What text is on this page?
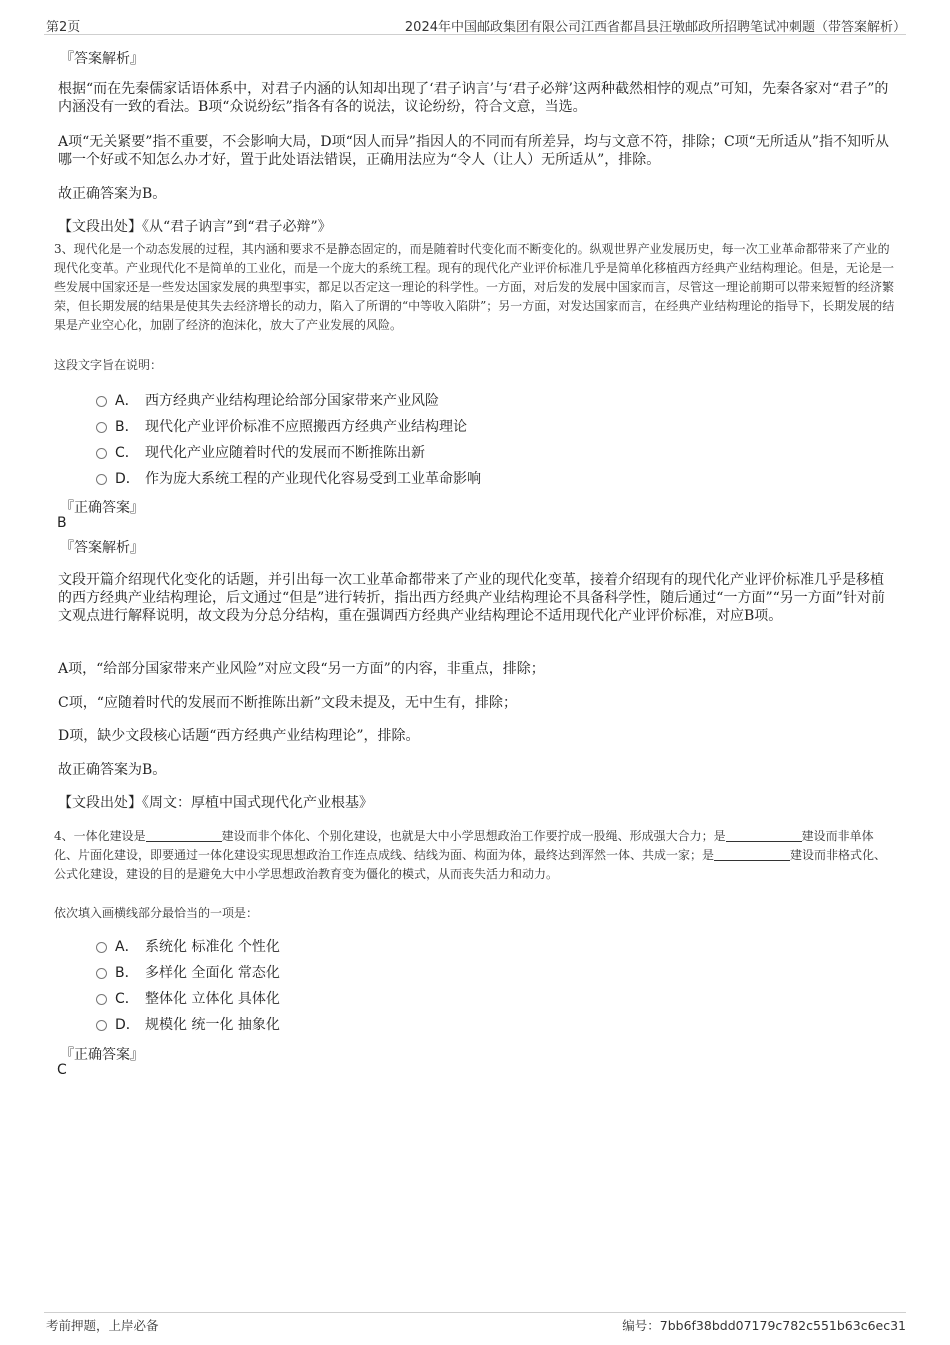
第2页	2024年中国邮政集团有限公司江西省都昌县汪墩邮政所招聘笔试冲刺题（带答案解析）
『答案解析』
根据“而在先秦儒家话语体系中，对君子内涵的认知却出现了‘君子讷言’与‘君子必辩’这两种截然相悖的观点”可知，先秦各家对“君子”的内涵没有一致的看法。B项“众说纷纭”指各有各的说法，议论纷纷，符合文意，当选。
A项“无关紧要”指不重要，不会影响大局，D项“因人而异”指因人的不同而有所差异，均与文意不符，排除；C项“无所适从”指不知听从哪一个好或不知怎么办才好，置于此处语法错误，正确用法应为“令人（让人）无所适从”，排除。
故正确答案为B。
【文段出处】《从“君子讷言”到“君子必辩”》
3、现代化是一个动态发展的过程，其内涵和要求不是静态固定的，而是随着时代变化而不断变化的。纵观世界产业发展历史，每一次工业革命都带来了产业的现代化变革。产业现代化不是简单的工业化，而是一个庞大的系统工程。现有的现代化产业评价标准几乎是简单化移植西方经典产业结构理论。但是，无论是一些发展中国家还是一些发达国家发展的典型事实，都足以否定这一理论的科学性。一方面，对后发的发展中国家而言，尽管这一理论前期可以带来短暂的经济繁荣，但长期发展的结果是使其失去经济增长的动力，陷入了所谓的“中等收入陷阱”；另一方面，对发达国家而言，在经典产业结构理论的指导下，长期发展的结果是产业空心化，加剧了经济的泡沫化，放大了产业发展的风险。
这段文字旨在说明：
A． 西方经典产业结构理论给部分国家带来产业风险
B． 现代化产业评价标准不应照搬西方经典产业结构理论
C． 现代化产业应随着时代的发展而不断推陈出新
D． 作为庞大系统工程的产业现代化容易受到工业革命影响
『正确答案』
B
『答案解析』
文段开篇介绍现代化变化的话题，并引出每一次工业革命都带来了产业的现代化变革，接着介绍现有的现代化产业评价标准几乎是移植的西方经典产业结构理论，后文通过“但是”进行转折，指出西方经典产业结构理论不具备科学性，随后通过“一方面”“另一方面”针对前文观点进行解释说明，故文段为分总分结构，重在强调西方经典产业结构理论不适用现代化产业评价标准，对应B项。
A项，“给部分国家带来产业风险”对应文段“另一方面”的内容，非重点，排除；
C项，“应随着时代的发展而不断推陈出新”文段未提及，无中生有，排除；
D项，缺少文段核心话题“西方经典产业结构理论”，排除。
故正确答案为B。
【文段出处】《周文：厚植中国式现代化产业根基》
4、一体化建设是	建设而非个体化、个别化建设，也就是大中小学思想政治工作要拧成一股绳、形成强大合力；是	建设而非单体化、片面化建设，即要通过一体化建设实现思想政治工作连点成线、结线为面、构面为体，最终达到浑然一体、共成一家；是	建设而非格式化、公式化建设，建设的目的是避免大中小学思想政治教育变为僵化的模式，从而丧失活力和动力。
依次填入画横线部分最恰当的一项是：
A． 系统化 标准化 个性化
B． 多样化 全面化 常态化
C． 整体化 立体化 具体化
D． 规模化 统一化 抽象化
『正确答案』
C
考前押题，上岸必备	编号：7bb6f38bdd07179c782c551b63c6ec31
